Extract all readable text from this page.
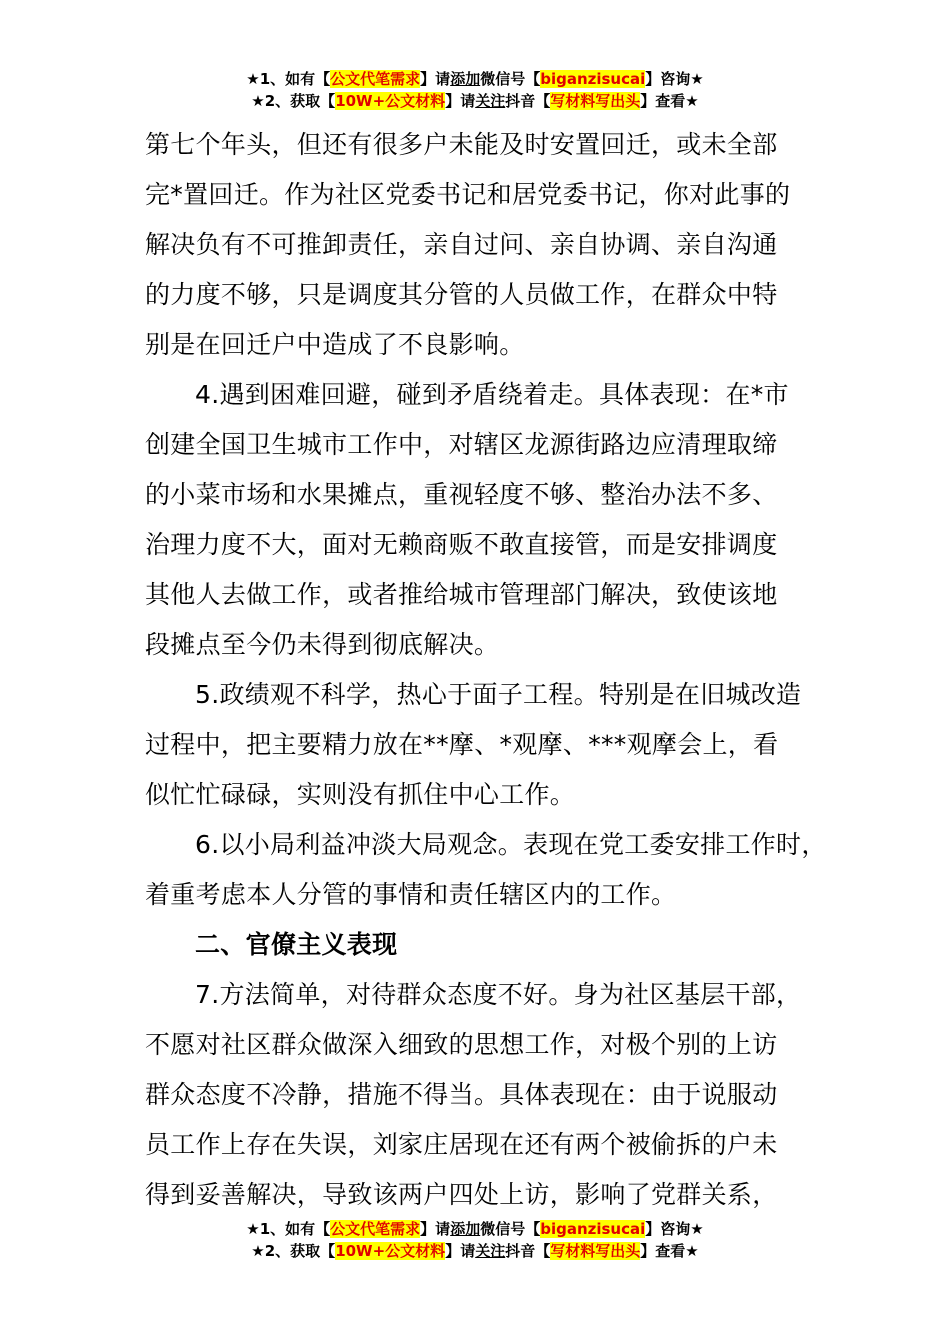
★1、如有【公文代笔需求】请添加微信号【biganzisucai】咨询★
★2、获取【10W+公文材料】请关注抖音【写材料写出头】查看★
第七个年头，但还有很多户未能及时安置回迁，或未全部
完*置回迁。作为社区党委书记和居党委书记，你对此事的
解决负有不可推卸责任，亲自过问、亲自协调、亲自沟通
的力度不够，只是调度其分管的人员做工作，在群众中特
别是在回迁户中造成了不良影响。
4.遇到困难回避，碰到矛盾绕着走。具体表现：在*市
创建全国卫生城市工作中，对辖区龙源街路边应清理取缔
的小菜市场和水果摊点，重视轻度不够、整治办法不多、
治理力度不大，面对无赖商贩不敢直接管，而是安排调度
其他人去做工作，或者推给城市管理部门解决，致使该地
段摊点至今仍未得到彻底解决。
5.政绩观不科学，热心于面子工程。特别是在旧城改造
过程中，把主要精力放在**摩、*观摩、***观摩会上，看
似忙忙碌碌，实则没有抓住中心工作。
6.以小局利益冲淡大局观念。表现在党工委安排工作时，
着重考虑本人分管的事情和责任辖区内的工作。
二、官僚主义表现
7.方法简单，对待群众态度不好。身为社区基层干部，
不愿对社区群众做深入细致的思想工作，对极个别的上访
群众态度不冷静，措施不得当。具体表现在：由于说服动
员工作上存在失误，刘家庄居现在还有两个被偷拆的户未
得到妥善解决，导致该两户四处上访，影响了党群关系，
★1、如有【公文代笔需求】请添加微信号【biganzisucai】咨询★
★2、获取【10W+公文材料】请关注抖音【写材料写出头】查看★
